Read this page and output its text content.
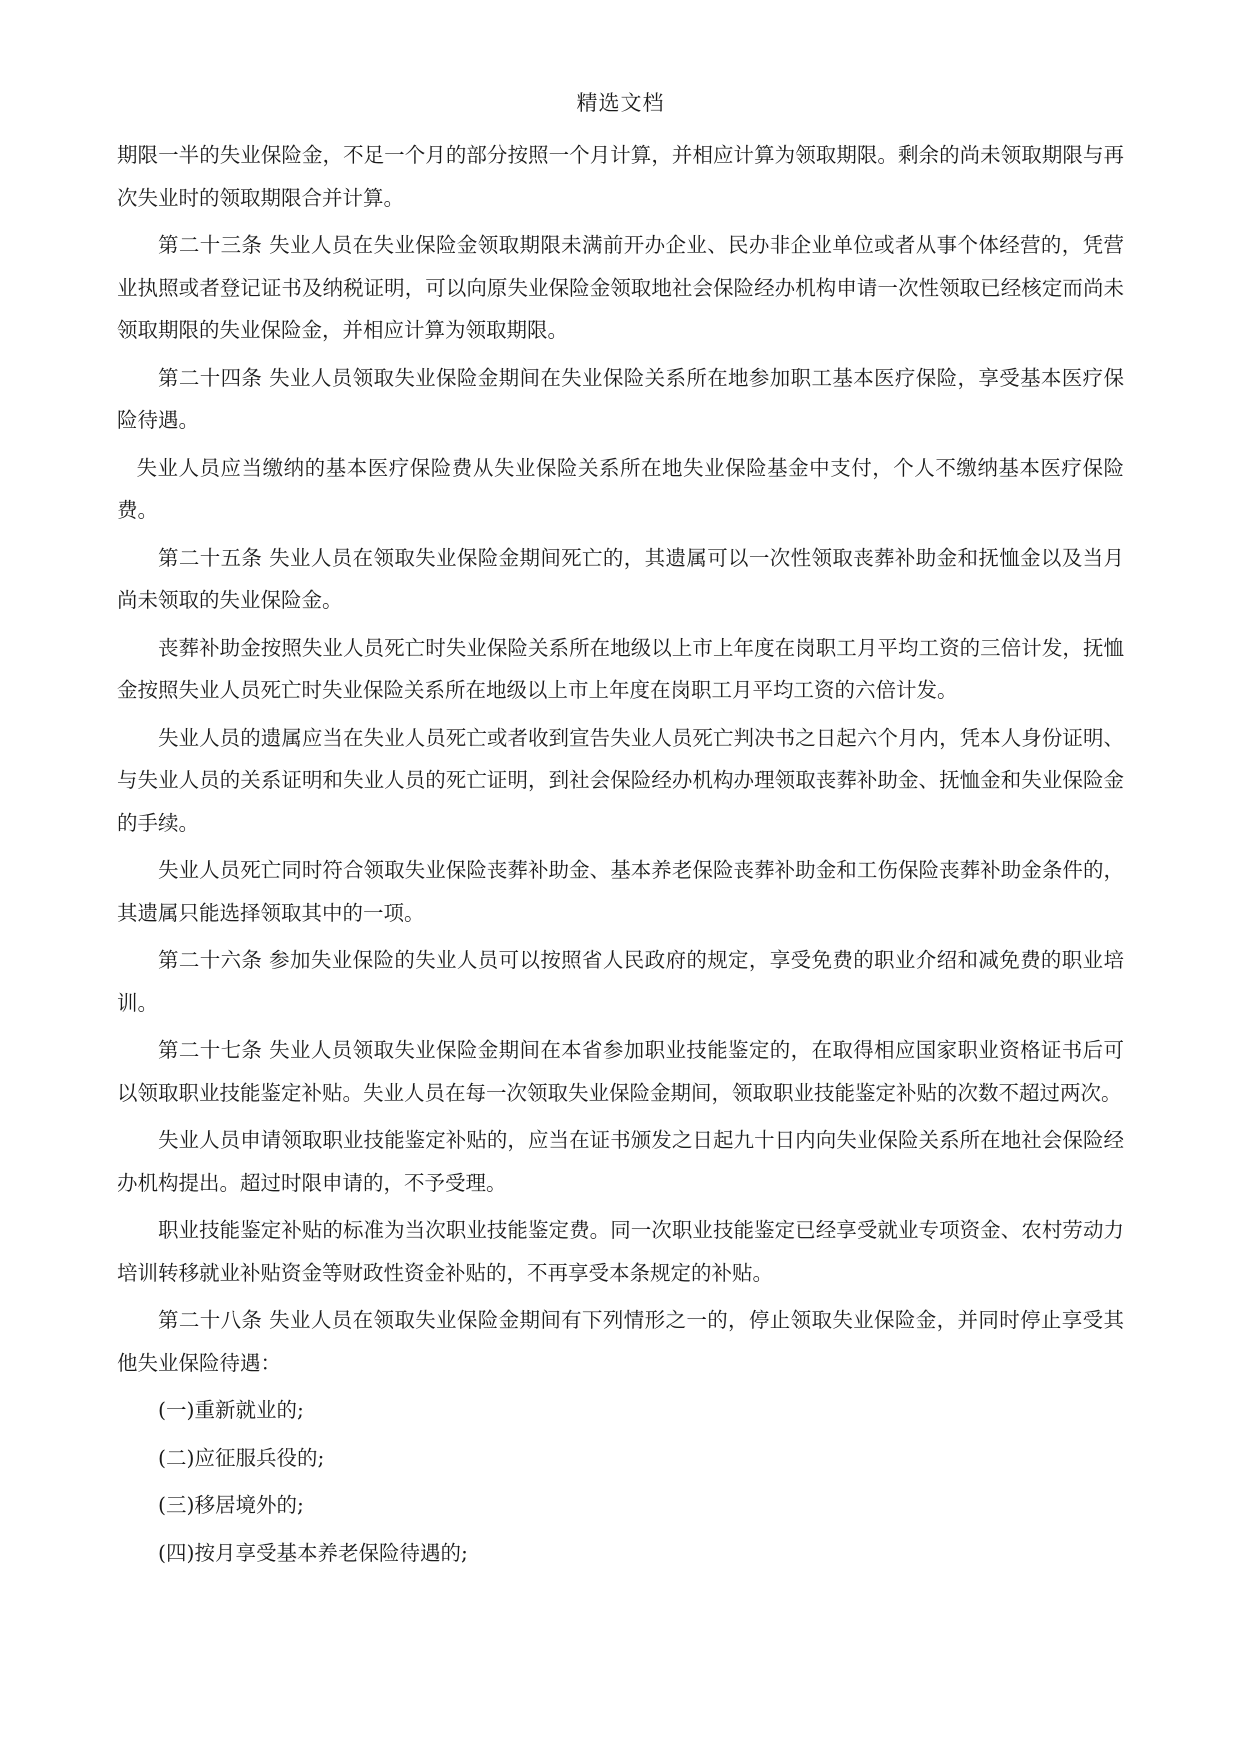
精选文档

期限一半的失业保险金，不足一个月的部分按照一个月计算，并相应计算为领取期限。剩余的尚未领取期限与再次失业时的领取期限合并计算。

第二十三条 失业人员在失业保险金领取期限未满前开办企业、民办非企业单位或者从事个体经营的，凭营业执照或者登记证书及纳税证明，可以向原失业保险金领取地社会保险经办机构申请一次性领取已经核定而尚未领取期限的失业保险金，并相应计算为领取期限。

第二十四条 失业人员领取失业保险金期间在失业保险关系所在地参加职工基本医疗保险，享受基本医疗保险待遇。

失业人员应当缴纳的基本医疗保险费从失业保险关系所在地失业保险基金中支付，个人不缴纳基本医疗保险费。

第二十五条 失业人员在领取失业保险金期间死亡的，其遗属可以一次性领取丧葬补助金和抚恤金以及当月尚未领取的失业保险金。

丧葬补助金按照失业人员死亡时失业保险关系所在地级以上市上年度在岗职工月平均工资的三倍计发，抚恤金按照失业人员死亡时失业保险关系所在地级以上市上年度在岗职工月平均工资的六倍计发。

失业人员的遗属应当在失业人员死亡或者收到宣告失业人员死亡判决书之日起六个月内，凭本人身份证明、与失业人员的关系证明和失业人员的死亡证明，到社会保险经办机构办理领取丧葬补助金、抚恤金和失业保险金的手续。

失业人员死亡同时符合领取失业保险丧葬补助金、基本养老保险丧葬补助金和工伤保险丧葬补助金条件的，其遗属只能选择领取其中的一项。

第二十六条 参加失业保险的失业人员可以按照省人民政府的规定，享受免费的职业介绍和减免费的职业培训。

第二十七条 失业人员领取失业保险金期间在本省参加职业技能鉴定的，在取得相应国家职业资格证书后可以领取职业技能鉴定补贴。失业人员在每一次领取失业保险金期间，领取职业技能鉴定补贴的次数不超过两次。

失业人员申请领取职业技能鉴定补贴的，应当在证书颁发之日起九十日内向失业保险关系所在地社会保险经办机构提出。超过时限申请的，不予受理。

职业技能鉴定补贴的标准为当次职业技能鉴定费。同一次职业技能鉴定已经享受就业专项资金、农村劳动力培训转移就业补贴资金等财政性资金补贴的，不再享受本条规定的补贴。

第二十八条 失业人员在领取失业保险金期间有下列情形之一的，停止领取失业保险金，并同时停止享受其他失业保险待遇：

(一)重新就业的;

(二)应征服兵役的;

(三)移居境外的;

(四)按月享受基本养老保险待遇的;
